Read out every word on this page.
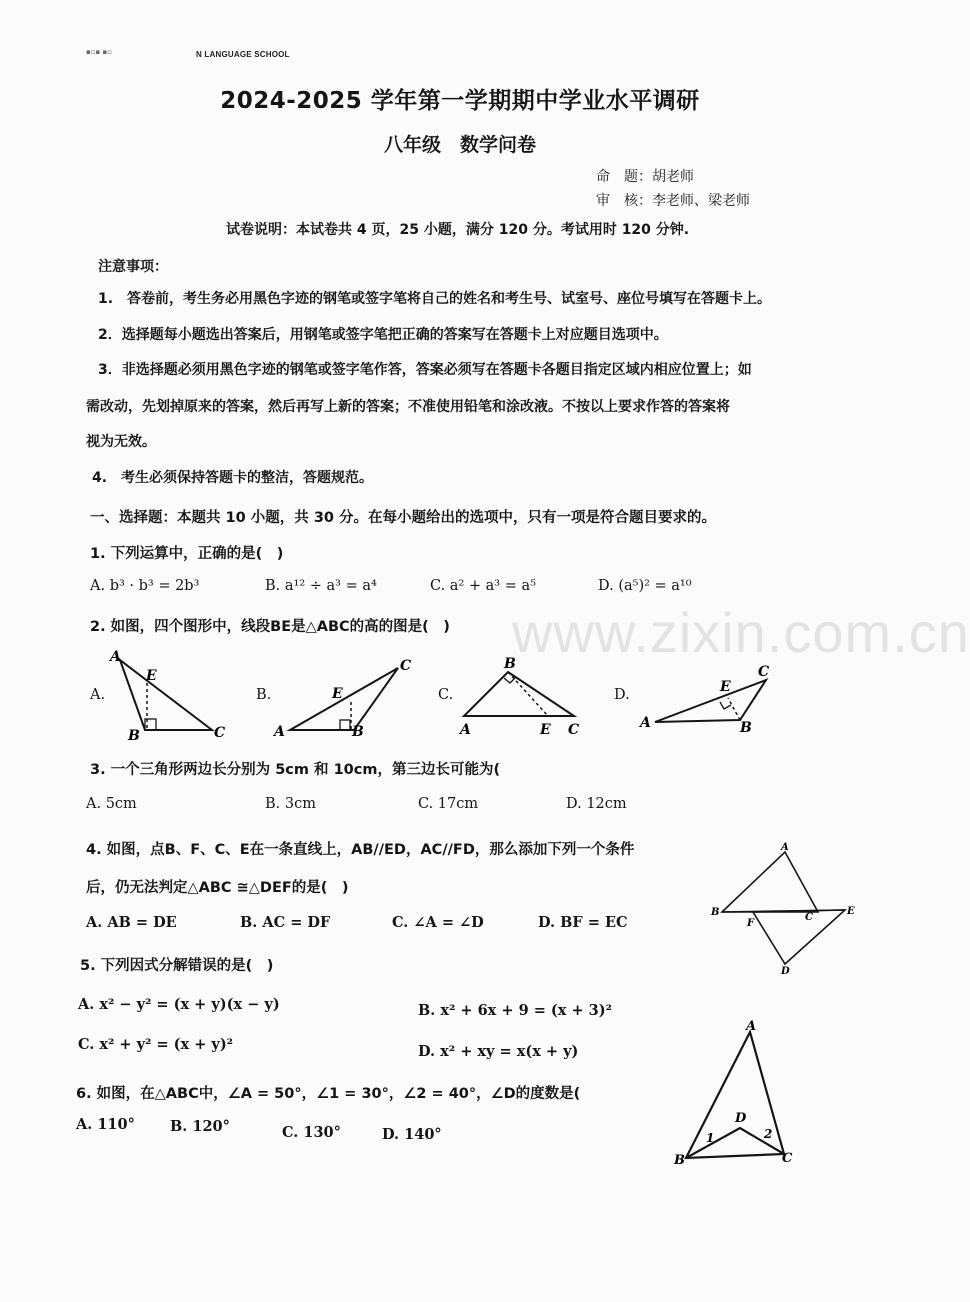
www.zixin.com.cn
▪▫▪ ▪▫	N LANGUAGE SCHOOL
2024-2025 学年第一学期期中学业水平调研
八年级　数学问卷
命　题：胡老师
审　核：李老师、梁老师
试卷说明：本试卷共 4 页，25 小题，满分 120 分。考试用时 120 分钟.
注意事项：
1.　答卷前，考生务必用黑色字迹的钢笔或签字笔将自己的姓名和考生号、试室号、座位号填写在答题卡上。
2．选择题每小题选出答案后，用钢笔或签字笔把正确的答案写在答题卡上对应题目选项中。
3．非选择题必须用黑色字迹的钢笔或签字笔作答，答案必须写在答题卡各题目指定区域内相应位置上；如
需改动，先划掉原来的答案，然后再写上新的答案；不准使用铅笔和涂改液。不按以上要求作答的答案将
视为无效。
4.　考生必须保持答题卡的整洁，答题规范。
一、选择题：本题共 10 小题，共 30 分。在每小题给出的选项中，只有一项是符合题目要求的。
1. 下列运算中，正确的是(　)
A. b³ · b³ = 2b³	B. a¹² ÷ a³ = a⁴	C. a² + a³ = a⁵	D. (a⁵)² = a¹⁰
2. 如图，四个图形中，线段BE是△ABC的高的图是(　)
A.	B.	C.	D.
A
E
B	C	A
E
B
C	B
A	E C	A
E
B
C
3. 一个三角形两边长分别为 5cm 和 10cm，第三边长可能为(
A. 5cm	B. 3cm	C. 17cm	D. 12cm
4. 如图，点B、F、C、E在一条直线上，AB//ED，AC//FD，那么添加下列一个条件
后，仍无法判定△ABC ≅△DEF的是(　)
A. AB = DE	B. AC = DF	C. ∠A = ∠D	D. BF = EC
A
B
F
C
E
D
5. 下列因式分解错误的是(　)
A. x² − y² = (x + y)(x − y)	B. x² + 6x + 9 = (x + 3)²
C. x² + y² = (x + y)²	D. x² + xy = x(x + y)
6. 如图，在△ABC中，∠A = 50°，∠1 = 30°，∠2 = 40°，∠D的度数是(
A. 110° B. 120°	C. 130°	D. 140°
A
B	C
D
1	2
